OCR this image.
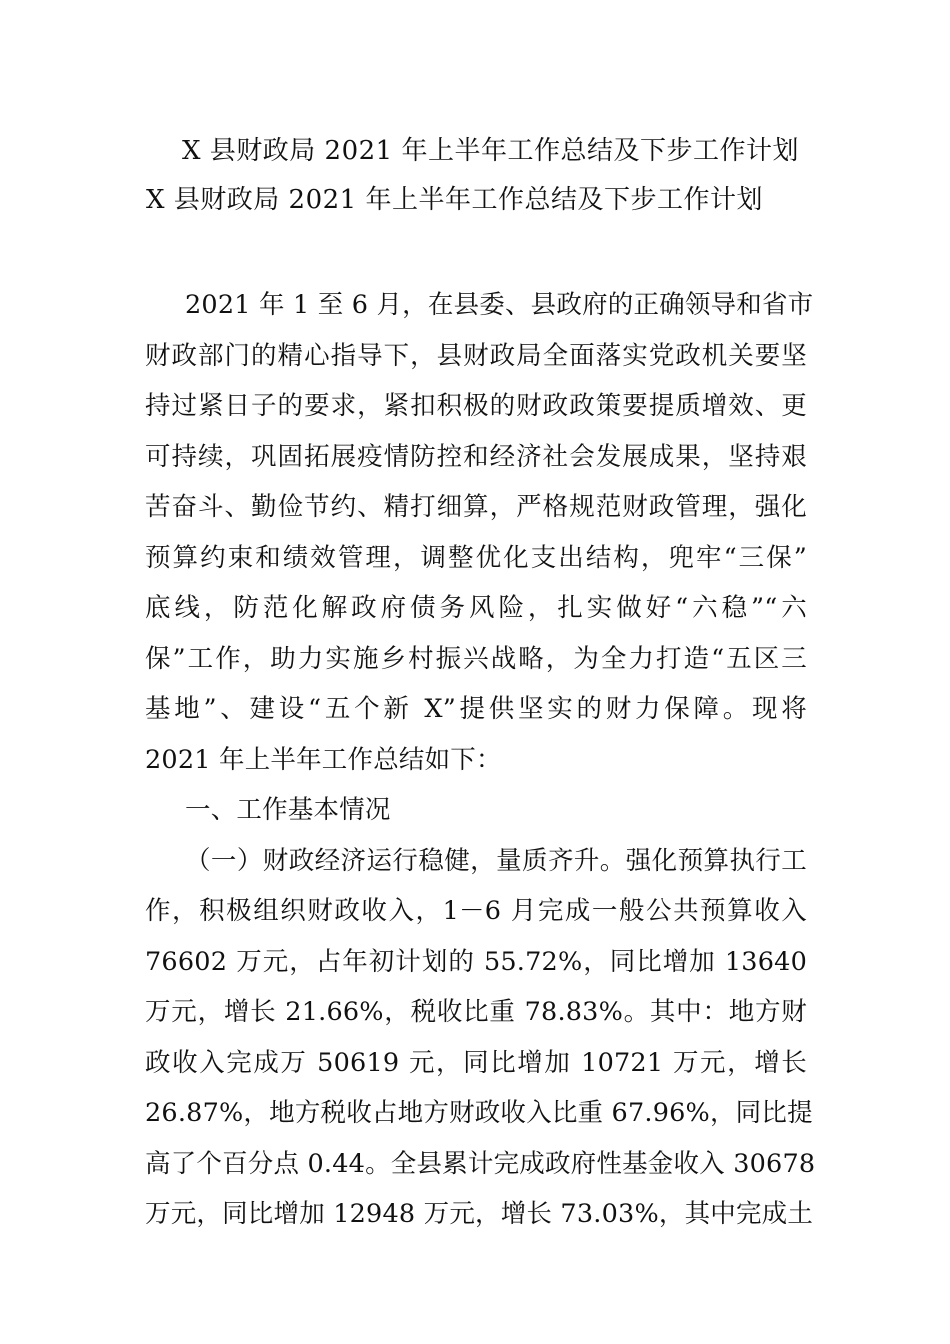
X 县财政局 2021 年上半年工作总结及下步工作计划
X 县财政局 2021 年上半年工作总结及下步工作计划
2021 年 1 至 6 月，在县委、县政府的正确领导和省市
财政部门的精心指导下，县财政局全面落实党政机关要坚
持过紧日子的要求，紧扣积极的财政政策要提质增效、更
可持续，巩固拓展疫情防控和经济社会发展成果，坚持艰
苦奋斗、勤俭节约、精打细算，严格规范财政管理，强化
预算约束和绩效管理，调整优化支出结构，兜牢“三保”
底线，防范化解政府债务风险，扎实做好“六稳”“六
保”工作，助力实施乡村振兴战略，为全力打造“五区三
基地”、建设“五个新 X”提供坚实的财力保障。现将
2021 年上半年工作总结如下：
一、工作基本情况
（一）财政经济运行稳健，量质齐升。强化预算执行工
作，积极组织财政收入，1－6 月完成一般公共预算收入
76602 万元，占年初计划的 55.72%，同比增加 13640
万元，增长 21.66%，税收比重 78.83%。其中：地方财
政收入完成万 50619 元，同比增加 10721 万元，增长
26.87%，地方税收占地方财政收入比重 67.96%，同比提
高了个百分点 0.44。全县累计完成政府性基金收入 30678
万元，同比增加 12948 万元，增长 73.03%，其中完成土
